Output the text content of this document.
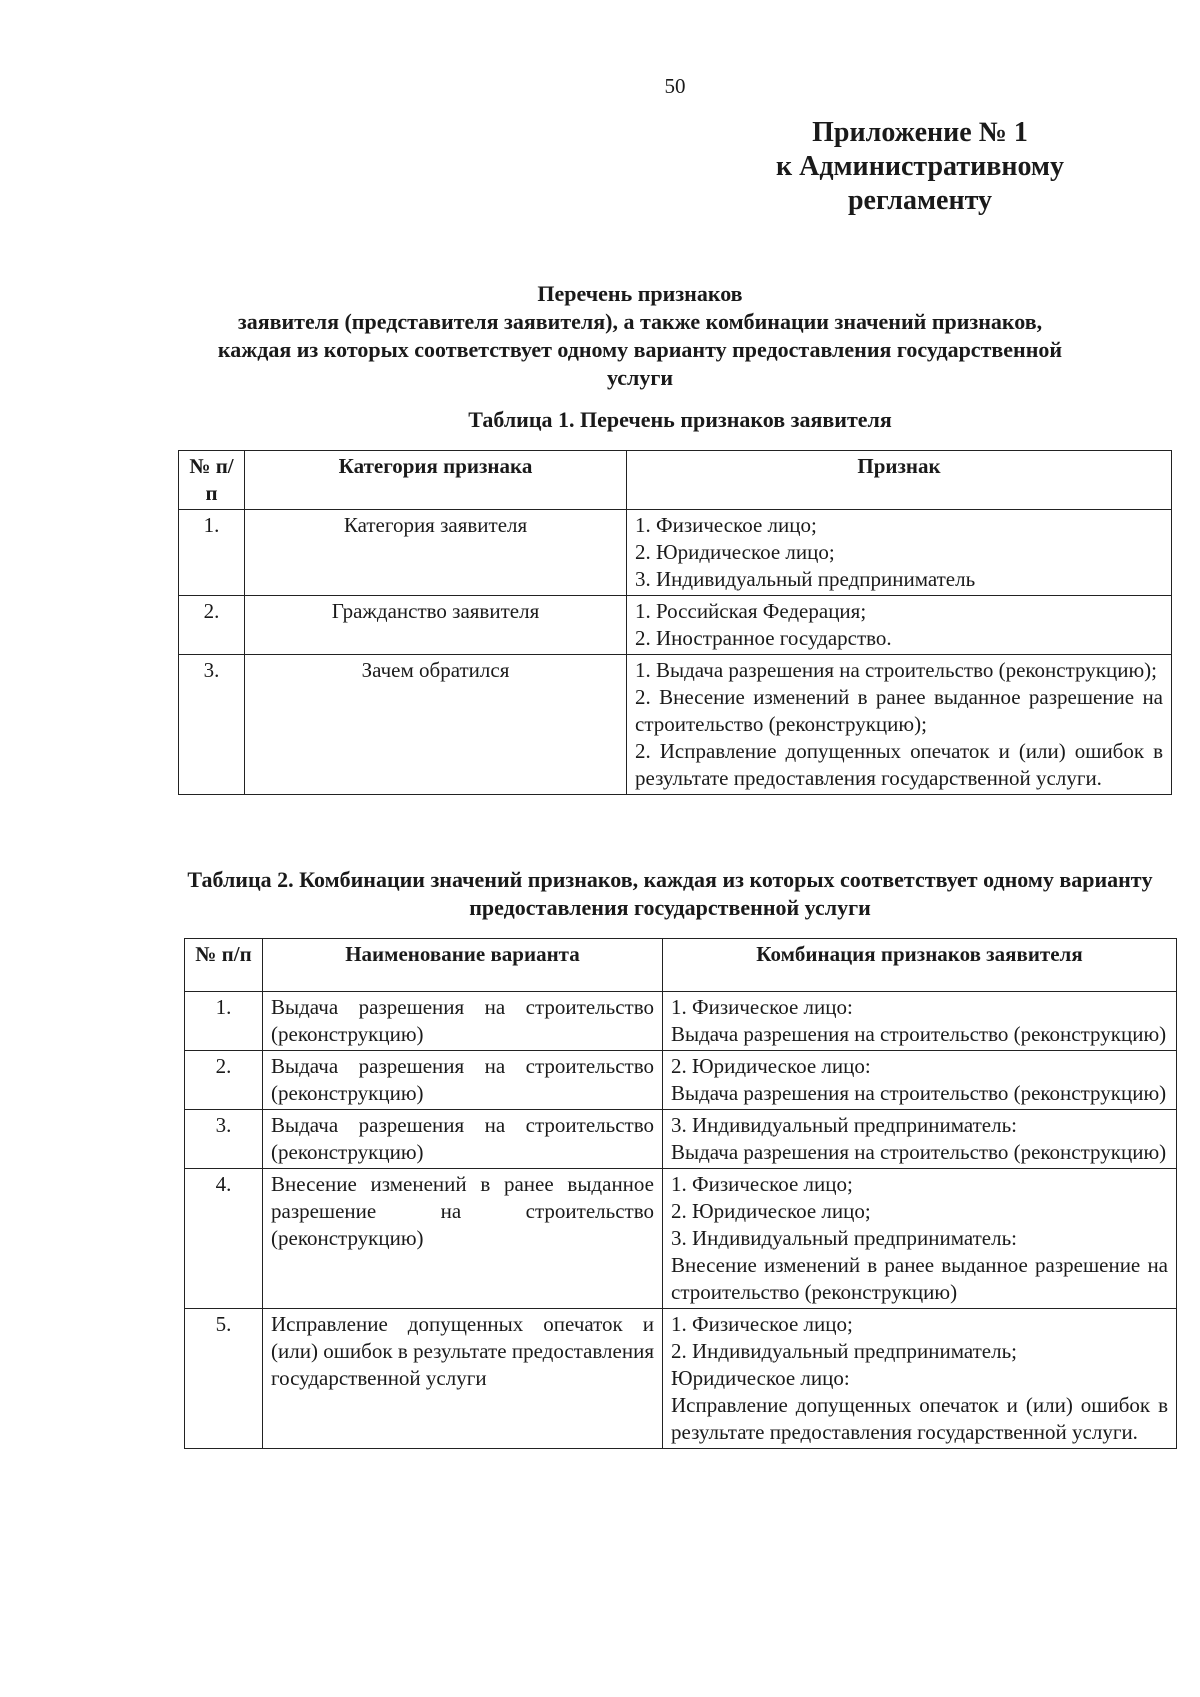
50
Приложение № 1
к Административному
регламенту
Перечень признаков
заявителя (представителя заявителя), а также комбинации значений признаков,
каждая из которых соответствует одному варианту предоставления государственной
услуги
Таблица 1. Перечень признаков заявителя
№ п/п	Категория признака	Признак
1.	Категория заявителя	1. Физическое лицо;
2. Юридическое лицо;
3. Индивидуальный предприниматель

2.	Гражданство заявителя	1. Российская Федерация;
2. Иностранное государство.

3.	Зачем обратился	1. Выдача разрешения на строительство (реконструкцию);
2. Внесение изменений в ранее выданное разрешение на строительство (реконструкцию);
2. Исправление допущенных опечаток и (или) ошибок в результате предоставления государственной услуги.
Таблица 2. Комбинации значений признаков, каждая из которых соответствует одному вариантy предоставления государственной услуги
№ п/п	Наименование варианта	Комбинация признаков заявителя
1.	Выдача разрешения на строительство (реконструкцию)	1. Физическое лицо:
Выдача разрешения на строительство (реконструкцию)

2.	Выдача разрешения на строительство (реконструкцию)	2. Юридическое лицо:
Выдача разрешения на строительство (реконструкцию)

3.	Выдача разрешения на строительство (реконструкцию)	3. Индивидуальный предприниматель:
Выдача разрешения на строительство (реконструкцию)

4.	Внесение изменений в ранее выданное разрешение на строительство (реконструкцию)	1. Физическое лицо;
2. Юридическое лицо;
3. Индивидуальный предприниматель:
Внесение изменений в ранее выданное разрешение на строительство (реконструкцию)

5.	Исправление допущенных опечаток и (или) ошибок в результате предоставления государственной услуги	1. Физическое лицо;
2. Индивидуальный предприниматель;
Юридическое лицо:
Исправление допущенных опечаток и (или) ошибок в результате предоставления государственной услуги.
